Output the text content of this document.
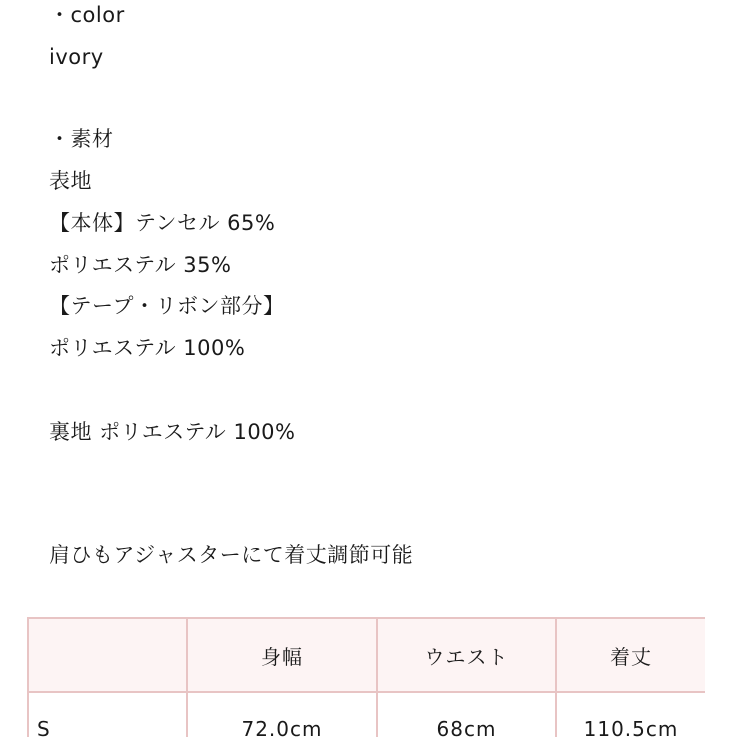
・color
ivory
・素材
表地
【本体】テンセル 65%
ポリエステル 35%
【テープ・リボン部分】
ポリエステル 100%
裏地 ポリエステル 100%
肩ひもアジャスターにて着丈調節可能
	身幅	ウエスト	着丈
S	72.0cm	68cm	110.5cm
